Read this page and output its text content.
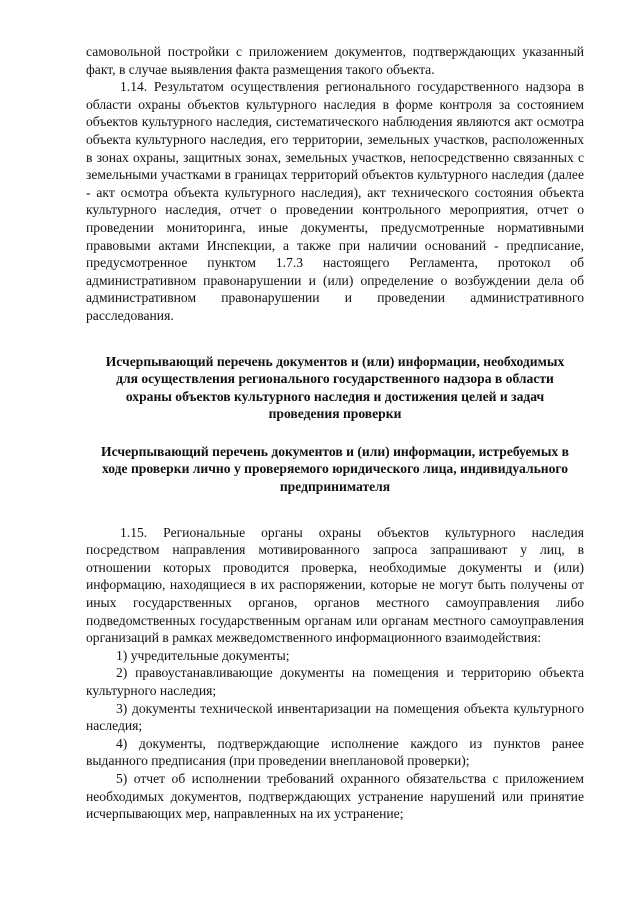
самовольной постройки с приложением документов, подтверждающих указанный факт, в случае выявления факта размещения такого объекта.

1.14. Результатом осуществления регионального государственного надзора в области охраны объектов культурного наследия в форме контроля за состоянием объектов культурного наследия, систематического наблюдения являются акт осмотра объекта культурного наследия, его территории, земельных участков, расположенных в зонах охраны, защитных зонах, земельных участков, непосредственно связанных с земельными участками в границах территорий объектов культурного наследия (далее - акт осмотра объекта культурного наследия), акт технического состояния объекта культурного наследия, отчет о проведении контрольного мероприятия, отчет о проведении мониторинга, иные документы, предусмотренные нормативными правовыми актами Инспекции, а также при наличии оснований - предписание, предусмотренное пунктом 1.7.3 настоящего Регламента, протокол об административном правонарушении и (или) определение о возбуждении дела об административном правонарушении и проведении административного расследования.

Исчерпывающий перечень документов и (или) информации, необходимых для осуществления регионального государственного надзора в области охраны объектов культурного наследия и достижения целей и задач проведения проверки

Исчерпывающий перечень документов и (или) информации, истребуемых в ходе проверки лично у проверяемого юридического лица, индивидуального предпринимателя

1.15. Региональные органы охраны объектов культурного наследия посредством направления мотивированного запроса запрашивают у лиц, в отношении которых проводится проверка, необходимые документы и (или) информацию, находящиеся в их распоряжении, которые не могут быть получены от иных государственных органов, органов местного самоуправления либо подведомственных государственным органам или органам местного самоуправления организаций в рамках межведомственного информационного взаимодействия:

1) учредительные документы;

2) правоустанавливающие документы на помещения и территорию объекта культурного наследия;

3) документы технической инвентаризации на помещения объекта культурного наследия;

4) документы, подтверждающие исполнение каждого из пунктов ранее выданного предписания (при проведении внеплановой проверки);

5) отчет об исполнении требований охранного обязательства с приложением необходимых документов, подтверждающих устранение нарушений или принятие исчерпывающих мер, направленных на их устранение;
